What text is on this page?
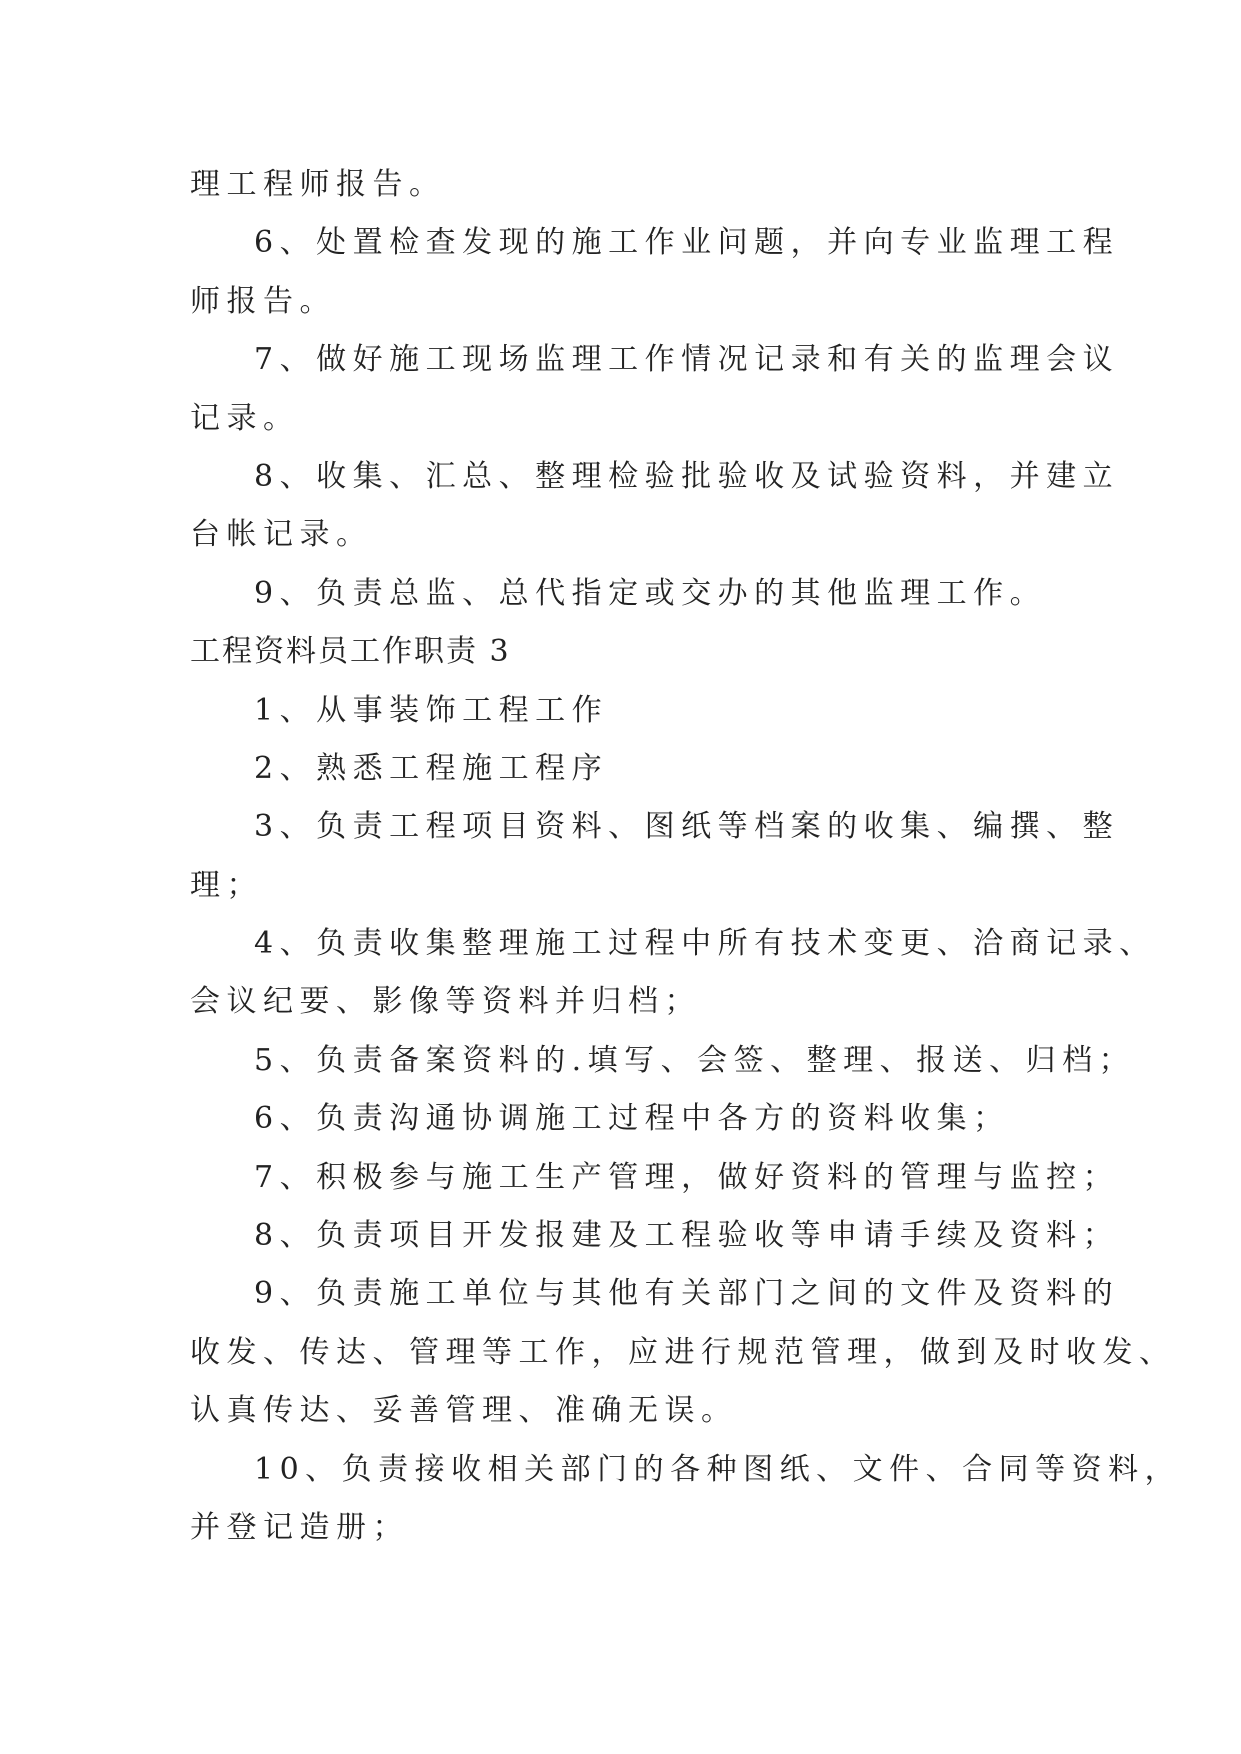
理工程师报告。
6、处置检查发现的施工作业问题，并向专业监理工程
师报告。
7、做好施工现场监理工作情况记录和有关的监理会议
记录。
8、收集、汇总、整理检验批验收及试验资料，并建立
台帐记录。
9、负责总监、总代指定或交办的其他监理工作。
工程资料员工作职责 3
1、从事装饰工程工作
2、熟悉工程施工程序
3、负责工程项目资料、图纸等档案的收集、编撰、整
理；
4、负责收集整理施工过程中所有技术变更、洽商记录、
会议纪要、影像等资料并归档；
5、负责备案资料的.填写、会签、整理、报送、归档；
6、负责沟通协调施工过程中各方的资料收集；
7、积极参与施工生产管理，做好资料的管理与监控；
8、负责项目开发报建及工程验收等申请手续及资料；
9、负责施工单位与其他有关部门之间的文件及资料的
收发、传达、管理等工作，应进行规范管理，做到及时收发、
认真传达、妥善管理、准确无误。
10、负责接收相关部门的各种图纸、文件、合同等资料，
并登记造册；
